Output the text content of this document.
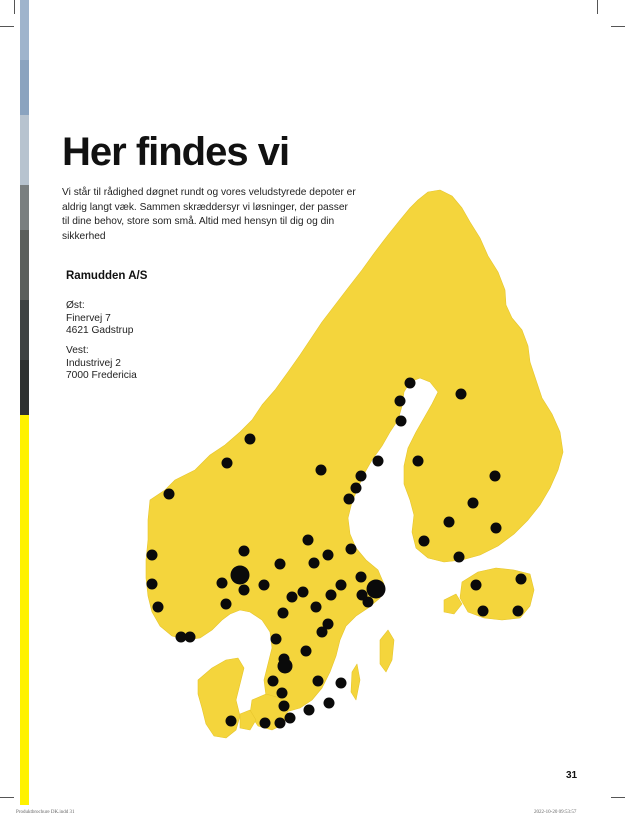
Her findes vi

Vi står til rådighed døgnet rundt og vores veludstyrede depoter er aldrig langt væk. Sammen skræddersyr vi løsninger, der passer til dine behov, store som små. Altid med hensyn til dig og din sikkerhed

Ramudden A/S
Øst:
Finervej 7
4621 Gadstrup
Vest:
Industrivej 2
7000 Fredericia
31
Produktbrochure DK.indd 31	2022-10-20 09:53:57
